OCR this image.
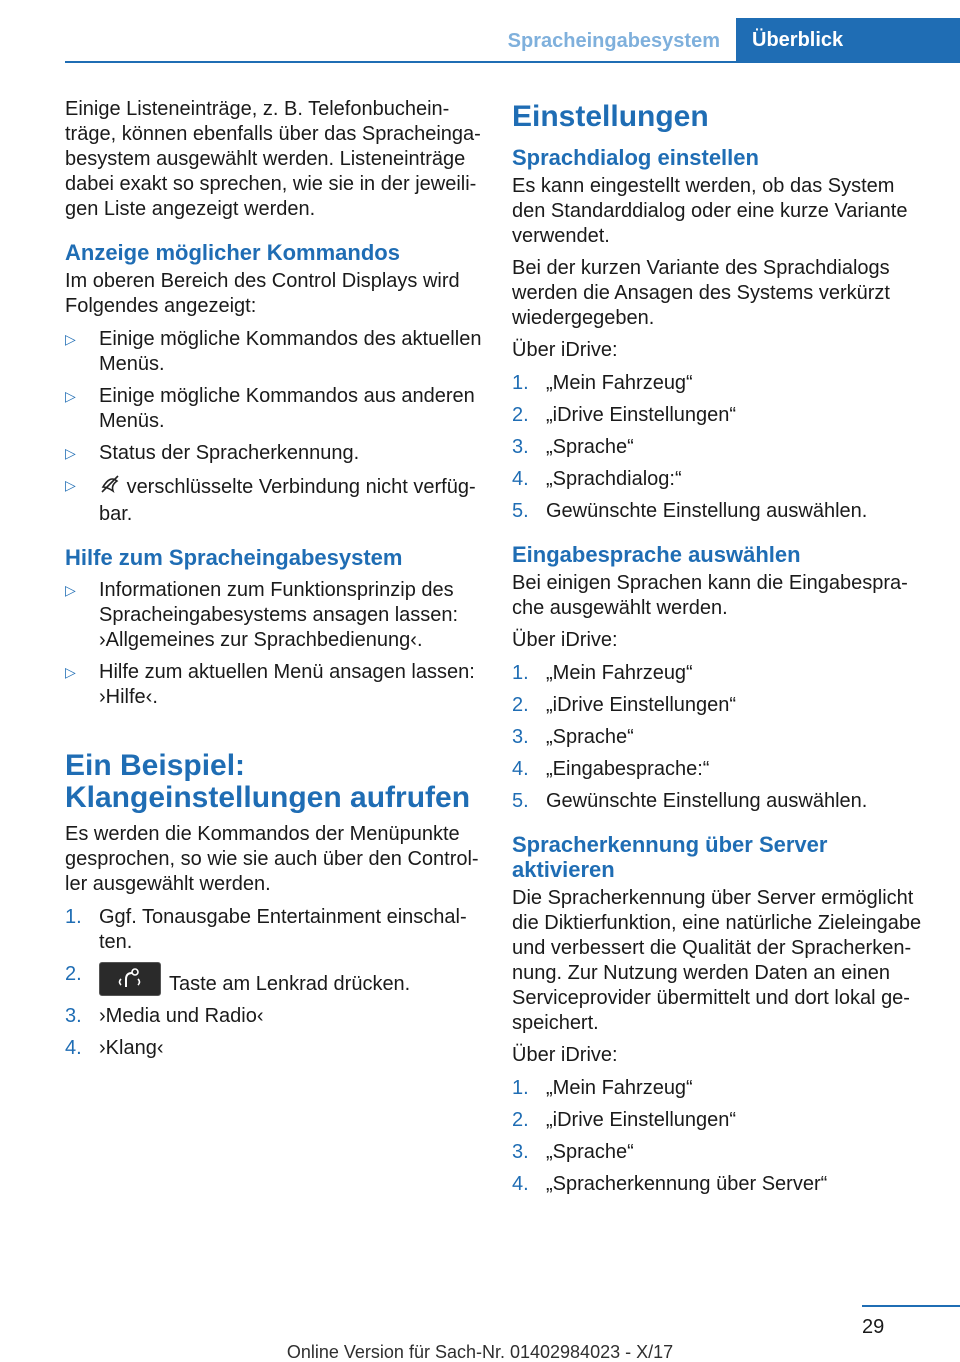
Spracheingabesystem	Überblick

Einige Listeneinträge, z. B. Telefonbuchein-träge, können ebenfalls über das Spracheinga-besystem ausgewählt werden. Listeneinträge dabei exakt so sprechen, wie sie in der jeweili-gen Liste angezeigt werden.

Anzeige möglicher Kommandos

Im oberen Bereich des Control Displays wird Folgendes angezeigt:

▷ Einige mögliche Kommandos des aktuellen Menüs.
▷ Einige mögliche Kommandos aus anderen Menüs.
▷ Status der Spracherkennung.
▷	verschlüsselte Verbindung nicht verfüg-bar.
Hilfe zum Spracheingabesystem
▷ Informationen zum Funktionsprinzip des Spracheingabesystems ansagen lassen: ›Allgemeines zur Sprachbedienung‹.
▷ Hilfe zum aktuellen Menü ansagen lassen: ›Hilfe‹.
Ein Beispiel: Klangeinstellungen aufrufen

Es werden die Kommandos der Menüpunkte gesprochen, so wie sie auch über den Control-ler ausgewählt werden.

1. Ggf. Tonausgabe Entertainment einschal-ten.
2.	Taste am Lenkrad drücken.
3. ›Media und Radio‹
4. ›Klang‹
Einstellungen
Sprachdialog einstellen

Es kann eingestellt werden, ob das System den Standarddialog oder eine kurze Variante verwendet.

Bei der kurzen Variante des Sprachdialogs werden die Ansagen des Systems verkürzt wiedergegeben.

Über iDrive:

1. „Mein Fahrzeug“
2. „iDrive Einstellungen“
3. „Sprache“
4. „Sprachdialog:“
5. Gewünschte Einstellung auswählen.
Eingabesprache auswählen

Bei einigen Sprachen kann die Eingabespra-che ausgewählt werden.

Über iDrive:

1. „Mein Fahrzeug“
2. „iDrive Einstellungen“
3. „Sprache“
4. „Eingabesprache:“
5. Gewünschte Einstellung auswählen.
Spracherkennung über Server aktivieren

Die Spracherkennung über Server ermöglicht die Diktierfunktion, eine natürliche Zieleingabe und verbessert die Qualität der Spracherken-nung. Zur Nutzung werden Daten an einen Serviceprovider übermittelt und dort lokal ge-speichert.

Über iDrive:

1. „Mein Fahrzeug“
2. „iDrive Einstellungen“
3. „Sprache“
4. „Spracherkennung über Server“
29
Online Version für Sach-Nr. 01402984023 - X/17
